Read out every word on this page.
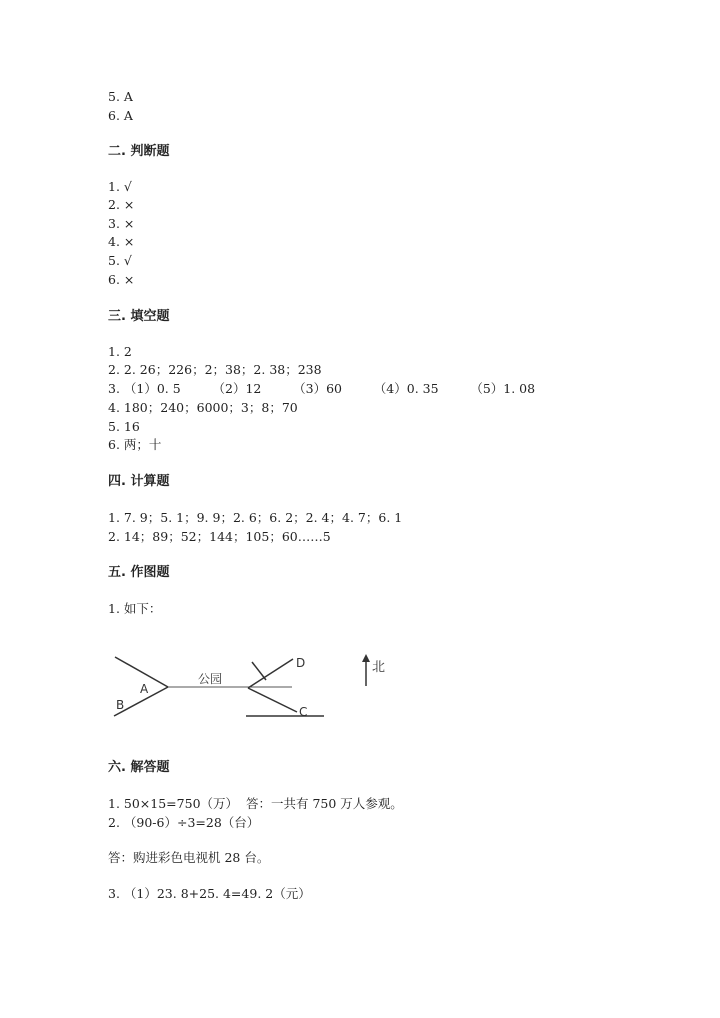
5. A
6. A
二. 判断题
1. √
2. ×
3. ×
4. ×
5. √
6. ×
三. 填空题
1. 2
2. 2. 26；226；2；38；2. 38；238
3. （1）0. 5        （2）12        （3）60        （4）0. 35        （5）1. 08
4. 180；240；6000；3；8；70
5. 16
6. 两；十
四. 计算题
1. 7. 9；5. 1；9. 9；2. 6；6. 2；2. 4；4. 7；6. 1
2. 14；89；52；144；105；60……5
五. 作图题
1. 如下：
A
B
公园
D
C
北
六. 解答题
1. 50×15=750（万）  答：一共有 750 万人参观。
2. （90-6）÷3=28（台）
答：购进彩色电视机 28 台。
3. （1）23. 8+25. 4=49. 2（元）
